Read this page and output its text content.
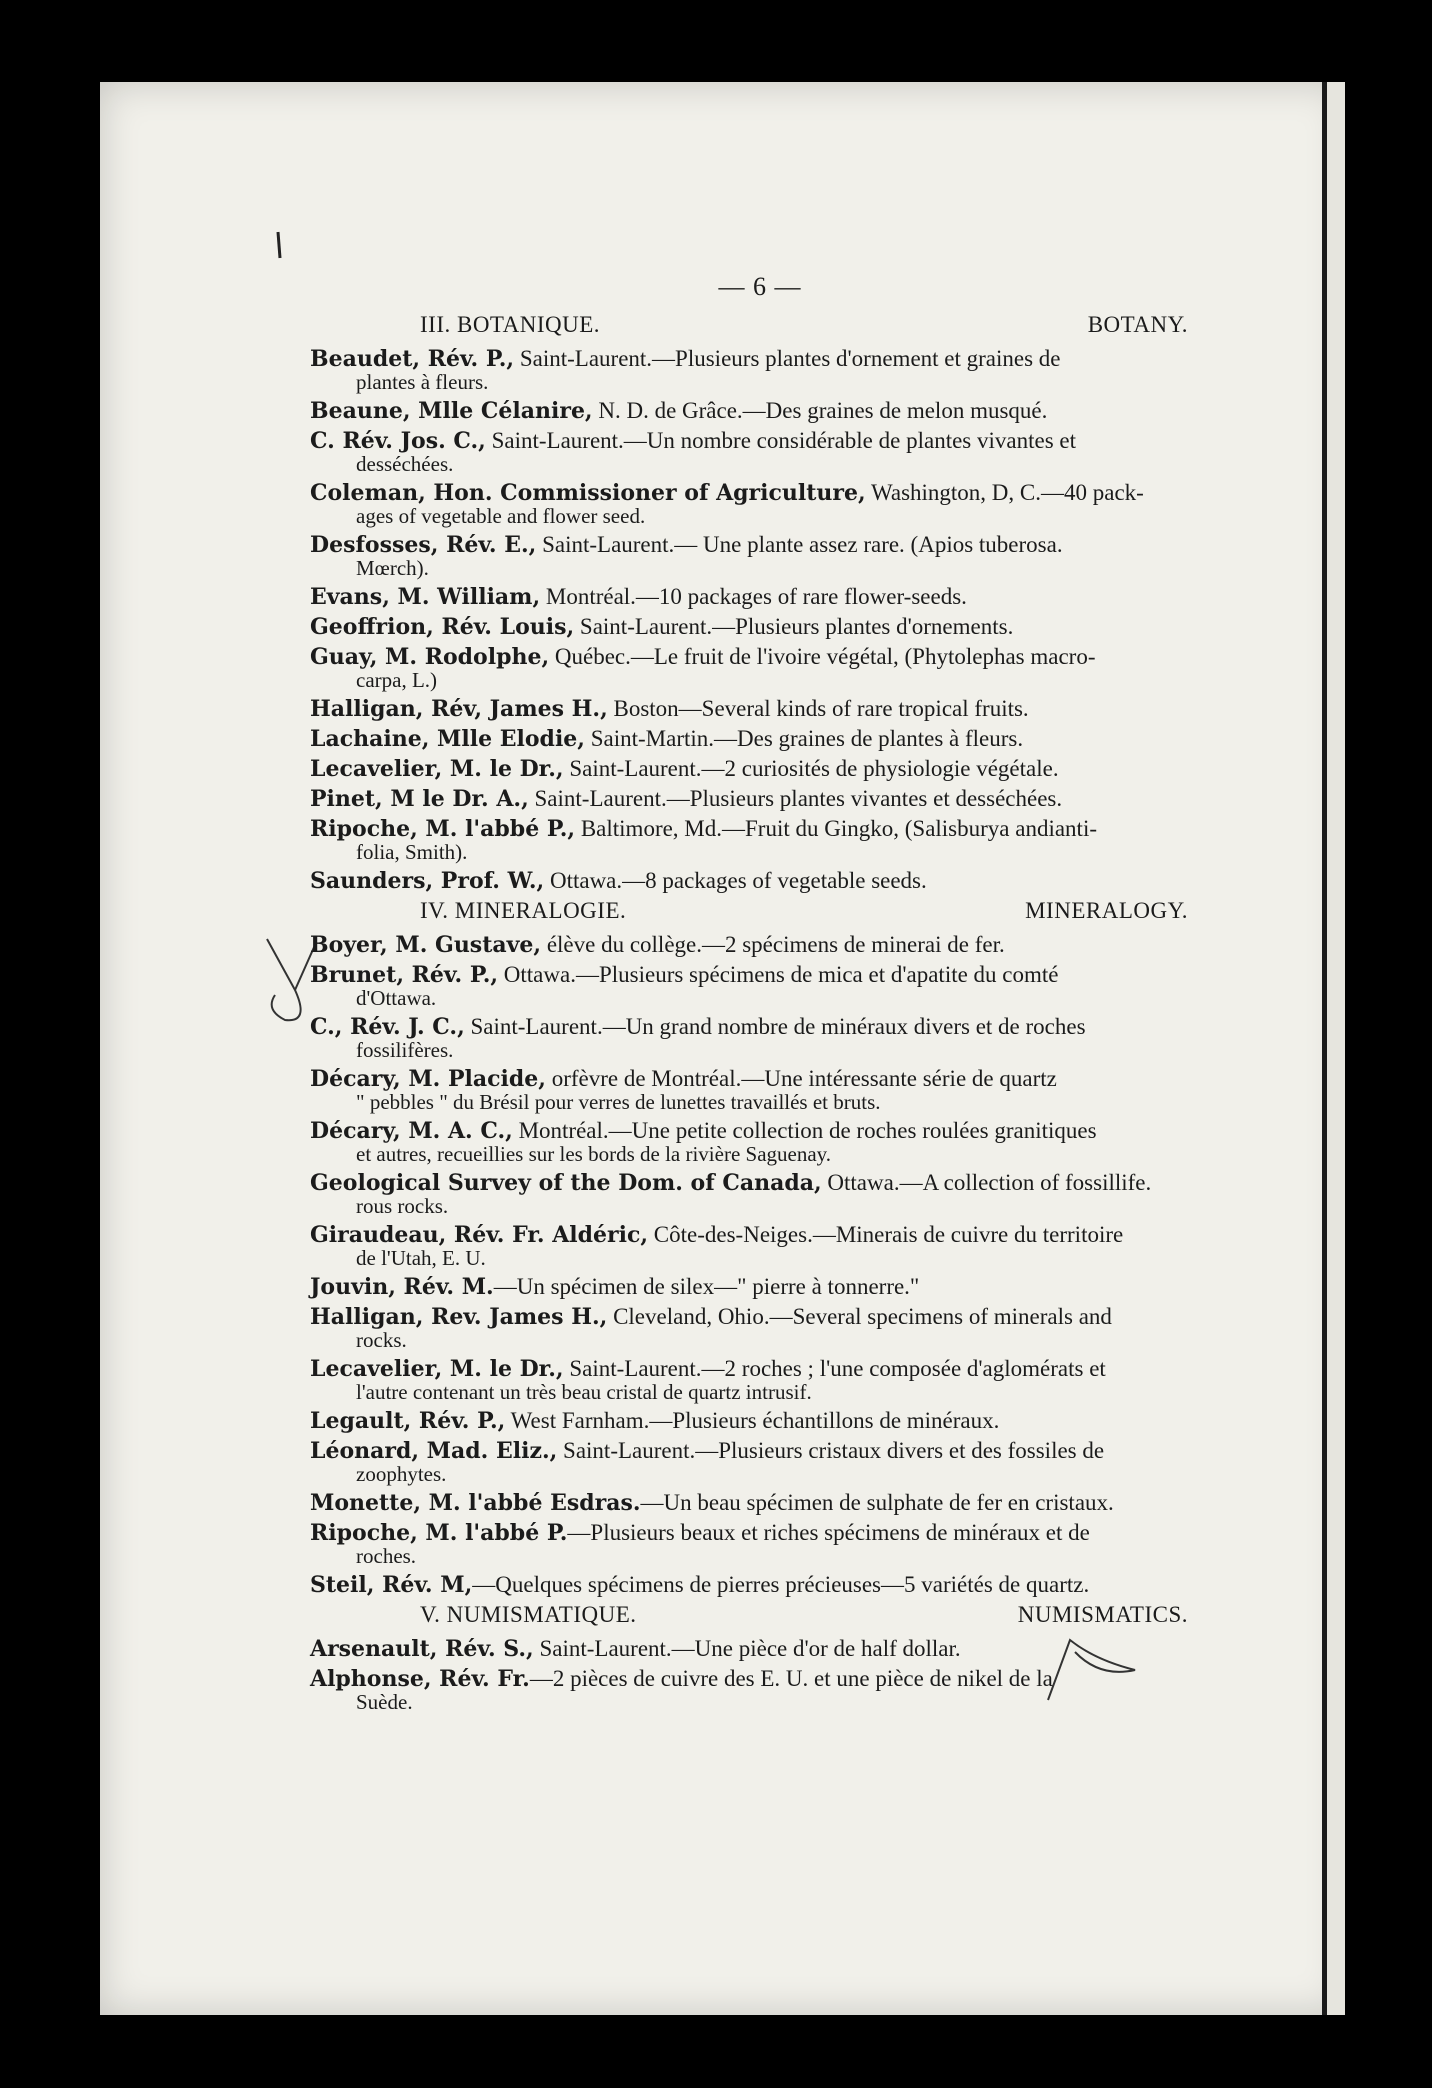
— 6 —
III. BOTANIQUE.	BOTANY.
Beaudet, Rév. P., Saint-Laurent.—Plusieurs plantes d'ornement et graines de
plantes à fleurs.
Beaune, Mlle Célanire, N. D. de Grâce.—Des graines de melon musqué.
C. Rév. Jos. C., Saint-Laurent.—Un nombre considérable de plantes vivantes et
desséchées.
Coleman, Hon. Commissioner of Agriculture, Washington, D, C.—40 pack-
ages of vegetable and flower seed.
Desfosses, Rév. E., Saint-Laurent.— Une plante assez rare. (Apios tuberosa.
Mœrch).
Evans, M. William, Montréal.—10 packages of rare flower-seeds.
Geoffrion, Rév. Louis, Saint-Laurent.—Plusieurs plantes d'ornements.
Guay, M. Rodolphe, Québec.—Le fruit de l'ivoire végétal, (Phytolephas macro-
carpa, L.)
Halligan, Rév, James H., Boston—Several kinds of rare tropical fruits.
Lachaine, Mlle Elodie, Saint-Martin.—Des graines de plantes à fleurs.
Lecavelier, M. le Dr., Saint-Laurent.—2 curiosités de physiologie végétale.
Pinet, M le Dr. A., Saint-Laurent.—Plusieurs plantes vivantes et desséchées.
Ripoche, M. l'abbé P., Baltimore, Md.—Fruit du Gingko, (Salisburya andianti-
folia, Smith).
Saunders, Prof. W., Ottawa.—8 packages of vegetable seeds.
IV. MINERALOGIE.	MINERALOGY.
Boyer, M. Gustave, élève du collège.—2 spécimens de minerai de fer.
Brunet, Rév. P., Ottawa.—Plusieurs spécimens de mica et d'apatite du comté
d'Ottawa.
C., Rév. J. C., Saint-Laurent.—Un grand nombre de minéraux divers et de roches
fossilifères.
Décary, M. Placide, orfèvre de Montréal.—Une intéressante série de quartz
" pebbles " du Brésil pour verres de lunettes travaillés et bruts.
Décary, M. A. C., Montréal.—Une petite collection de roches roulées granitiques
et autres, recueillies sur les bords de la rivière Saguenay.
Geological Survey of the Dom. of Canada, Ottawa.—A collection of fossillife.
rous rocks.
Giraudeau, Rév. Fr. Aldéric, Côte-des-Neiges.—Minerais de cuivre du territoire
de l'Utah, E. U.
Jouvin, Rév. M.—Un spécimen de silex—" pierre à tonnerre."
Halligan, Rev. James H., Cleveland, Ohio.—Several specimens of minerals and
rocks.
Lecavelier, M. le Dr., Saint-Laurent.—2 roches ; l'une composée d'aglomérats et
l'autre contenant un très beau cristal de quartz intrusif.
Legault, Rév. P., West Farnham.—Plusieurs échantillons de minéraux.
Léonard, Mad. Eliz., Saint-Laurent.—Plusieurs cristaux divers et des fossiles de
zoophytes.
Monette, M. l'abbé Esdras.—Un beau spécimen de sulphate de fer en cristaux.
Ripoche, M. l'abbé P.—Plusieurs beaux et riches spécimens de minéraux et de
roches.
Steil, Rév. M,—Quelques spécimens de pierres précieuses—5 variétés de quartz.
V. NUMISMATIQUE.	NUMISMATICS.
Arsenault, Rév. S., Saint-Laurent.—Une pièce d'or de half dollar.
Alphonse, Rév. Fr.—2 pièces de cuivre des E. U. et une pièce de nikel de la
Suède.
